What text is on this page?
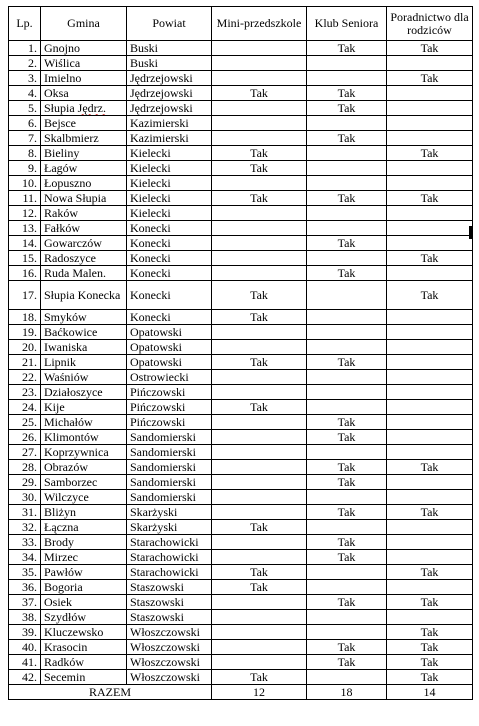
Lp.	Gmina	Powiat	Mini-przedszkole	Klub Seniora	Poradnictwo dla rodziców
1.	Gnojno	Buski		Tak	Tak
2.	Wiślica	Buski			
3.	Imielno	Jędrzejowski			Tak
4.	Oksa	Jędrzejowski	Tak	Tak	
5.	Słupia Jędrz.	Jędrzejowski		Tak	
6.	Bejsce	Kazimierski			
7.	Skalbmierz	Kazimierski		Tak	
8.	Bieliny	Kielecki	Tak		Tak
9.	Łagów	Kielecki	Tak		
10.	Łopuszno	Kielecki			
11.	Nowa Słupia	Kielecki	Tak	Tak	Tak
12.	Raków	Kielecki			
13.	Fałków	Konecki			
14.	Gowarczów	Konecki		Tak	
15.	Radoszyce	Konecki			Tak
16.	Ruda Malen.	Konecki		Tak	
17.	Słupia Konecka	Konecki	Tak		Tak
18.	Smyków	Konecki	Tak		
19.	Baćkowice	Opatowski			
20.	Iwaniska	Opatowski			
21.	Lipnik	Opatowski	Tak	Tak	
22.	Waśniów	Ostrowiecki			
23.	Działoszyce	Pińczowski			
24.	Kije	Pińczowski	Tak		
25.	Michałów	Pińczowski		Tak	
26.	Klimontów	Sandomierski		Tak	
27.	Koprzywnica	Sandomierski			
28.	Obrazów	Sandomierski		Tak	Tak
29.	Samborzec	Sandomierski		Tak	
30.	Wilczyce	Sandomierski			
31.	Bliżyn	Skarżyski		Tak	Tak
32.	Łączna	Skarżyski	Tak		
33.	Brody	Starachowicki		Tak	
34.	Mirzec	Starachowicki		Tak	
35.	Pawłów	Starachowicki	Tak		Tak
36.	Bogoria	Staszowski	Tak		
37.	Osiek	Staszowski		Tak	Tak
38.	Szydłów	Staszowski			
39.	Kluczewsko	Włoszczowski			Tak
40.	Krasocin	Włoszczowski		Tak	Tak
41.	Radków	Włoszczowski		Tak	Tak
42.	Secemin	Włoszczowski	Tak		Tak
RAZEM			12	18	14
